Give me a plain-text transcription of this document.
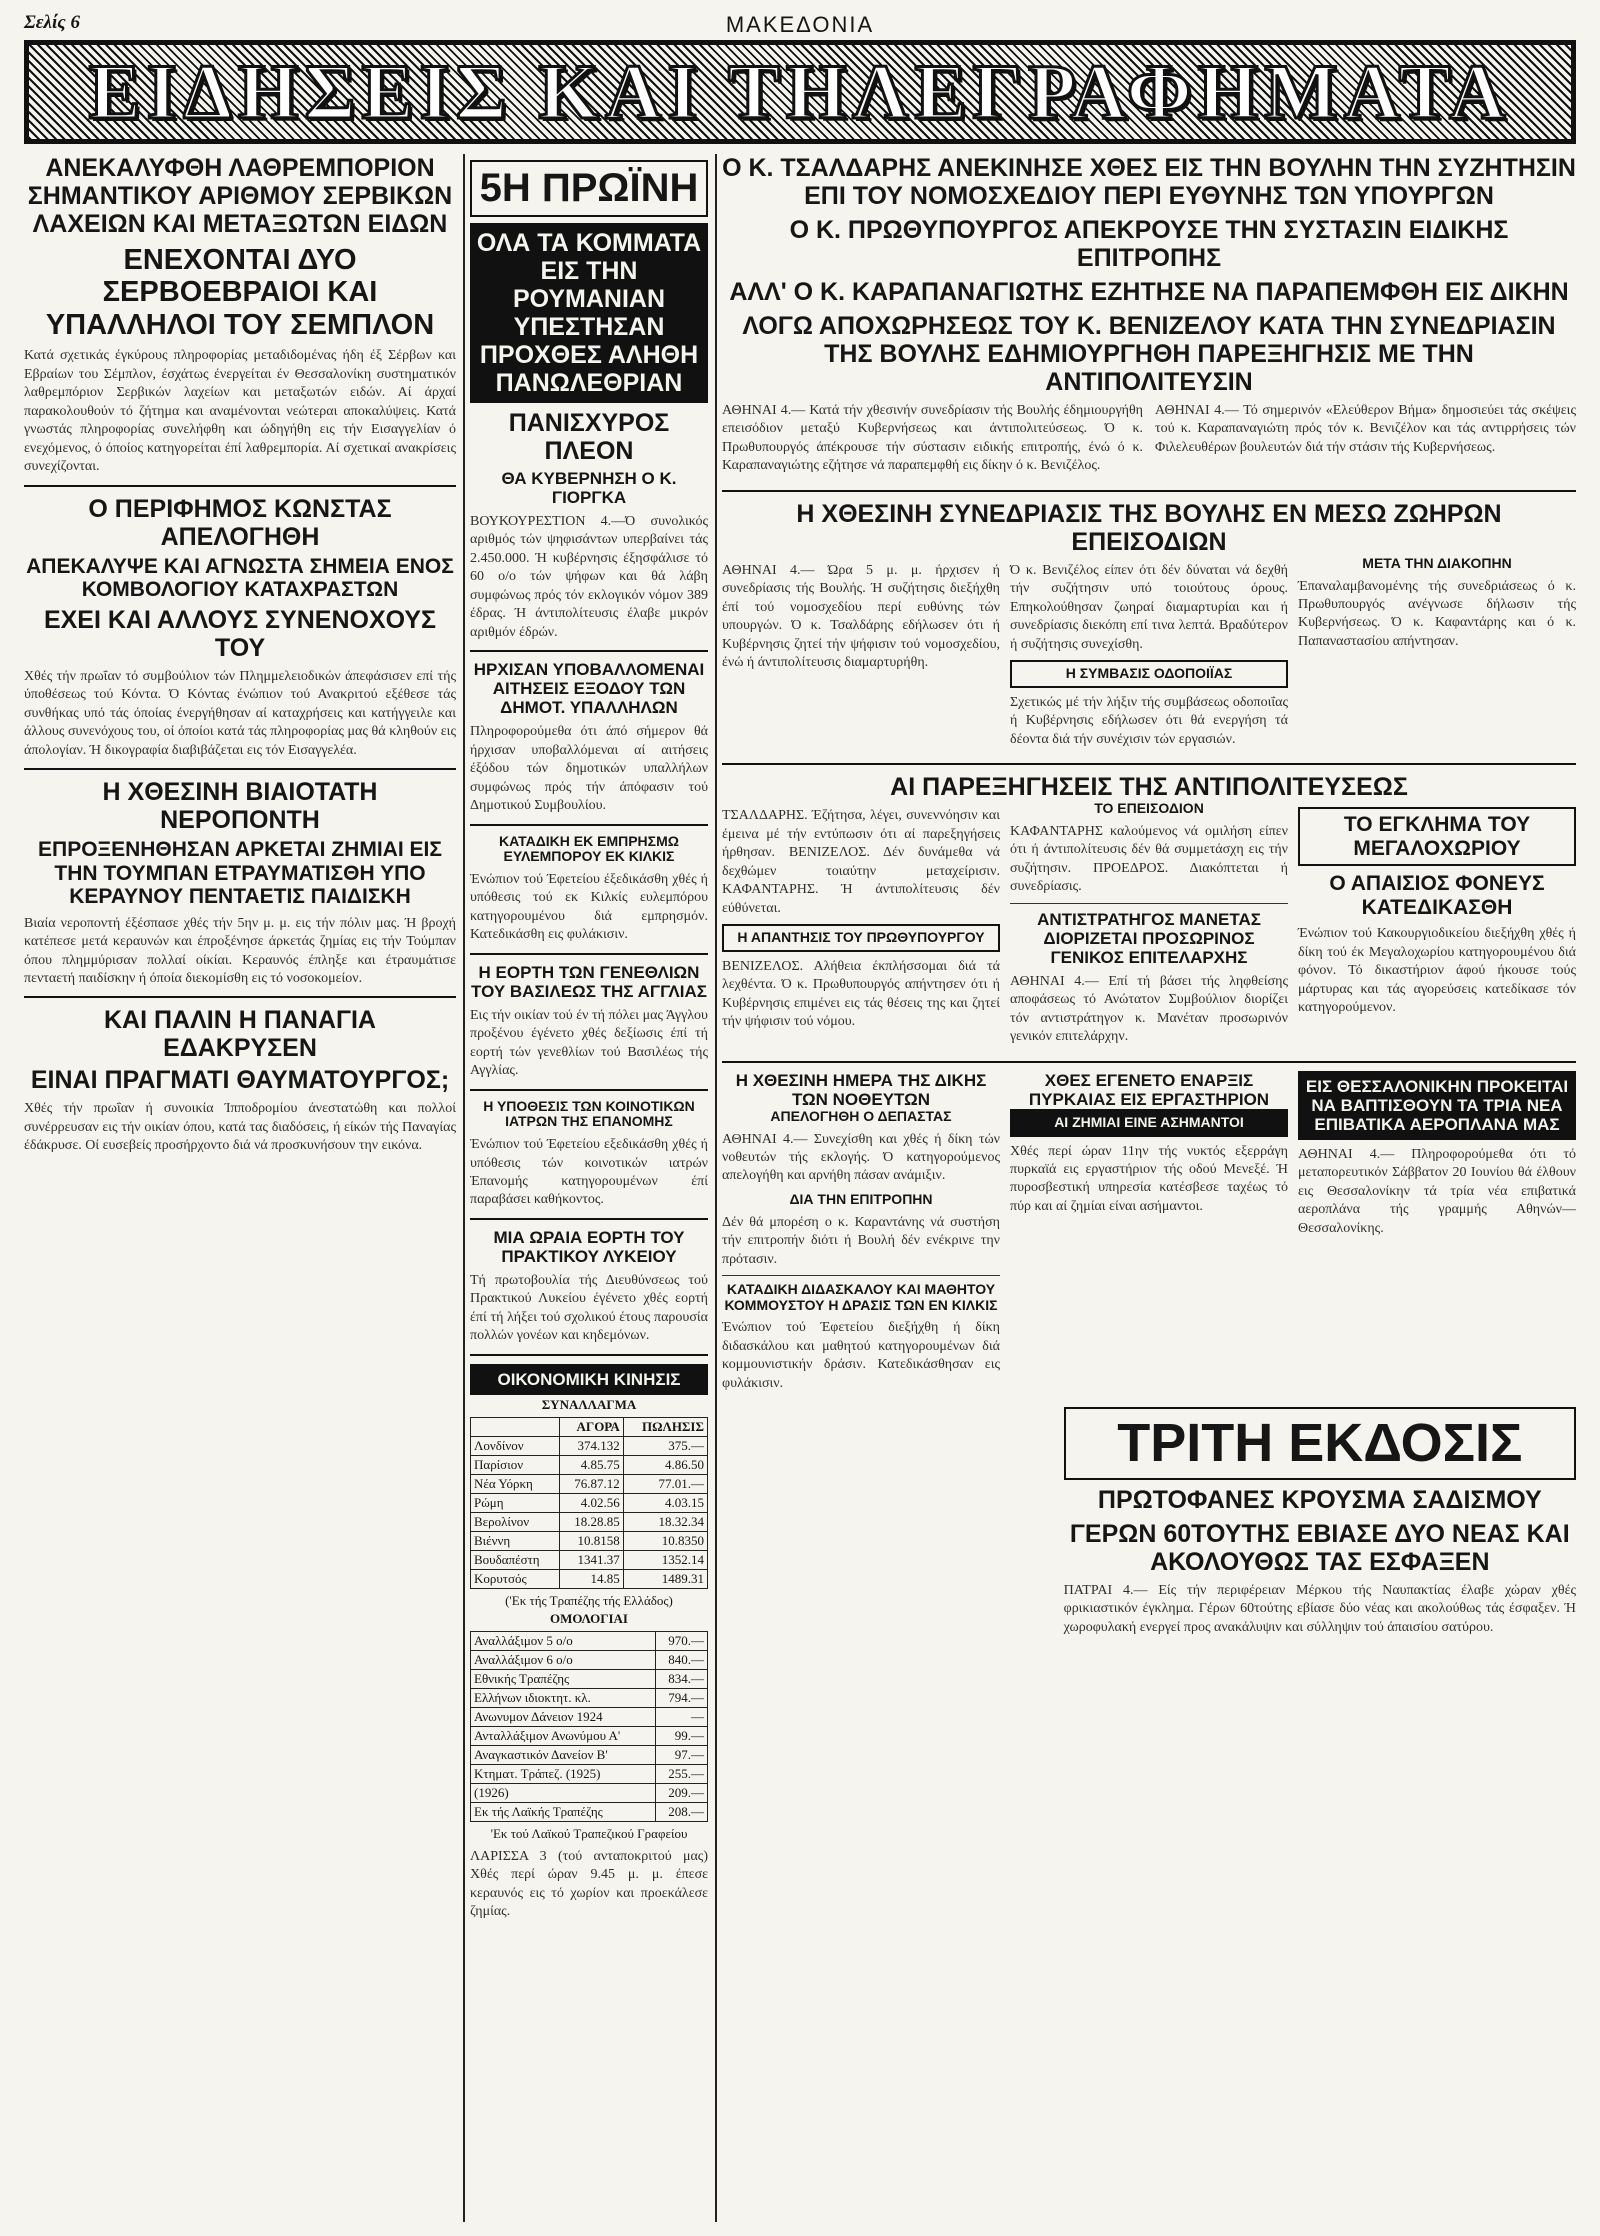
Σελίς 6	ΜΑΚΕΔΟΝΙΑ
ΕΙΔΗΣΕΙΣ ΚΑΙ ΤΗΛΕΓΡΑΦΗΜΑΤΑ
ΑΝΕΚΑΛΥΦΘΗ ΛΑΘΡΕΜΠΟΡΙΟΝ ΣΗΜΑΝΤΙΚΟΥ ΑΡΙΘΜΟΥ ΣΕΡΒΙΚΩΝ ΛΑΧΕΙΩΝ ΚΑΙ ΜΕΤΑΞΩΤΩΝ ΕΙΔΩΝ
ΕΝΕΧΟΝΤΑΙ ΔΥΟ ΣΕΡΒΟΕΒΡΑΙΟΙ ΚΑΙ ΥΠΑΛΛΗΛΟΙ ΤΟΥ ΣΕΜΠΛΟΝ
Κατά σχετικάς έγκύρους πληροφορίας μεταδιδομένας ήδη έξ Σέρβων και Εβραίων του Σέμπλον, έσχάτως ένεργείται έν Θεσσαλονίκη συστηματικόν λαθρεμπόριον Σερβικών λαχείων και μεταξωτών ειδών. Αί άρχαί παρακολουθούν τό ζήτημα και αναμένονται νεώτεραι αποκαλύψεις. Κατά γνωστάς πληροφορίας συνελήφθη και ώδηγήθη εις τήν Εισαγγελίαν ό ενεχόμενος, ό όποίος κατηγορείται έπί λαθρεμπορία. Αί σχετικαί ανακρίσεις συνεχίζονται.
Ο ΠΕΡΙΦΗΜΟΣ ΚΩΝΣΤΑΣ ΑΠΕΛΟΓΗΘΗ
ΑΠΕΚΑΛΥΨΕ ΚΑΙ ΑΓΝΩΣΤΑ ΣΗΜΕΙΑ ΕΝΟΣ ΚΟΜΒΟΛΟΓΙΟΥ ΚΑΤΑΧΡΑΣΤΩΝ
ΕΧΕΙ ΚΑΙ ΑΛΛΟΥΣ ΣΥΝΕΝΟΧΟΥΣ ΤΟΥ
Χθές τήν πρωΐαν τό συμβούλιον τών Πλημμελειοδικών άπεφάσισεν επί τής ύποθέσεως τού Κόντα. Ό Κόντας ένώπιον τού Ανακριτού εξέθεσε τάς συνθήκας υπό τάς όποίας ένεργήθησαν αί καταχρήσεις και κατήγγειλε και άλλους συνενόχους του, οί όποίοι κατά τάς πληροφορίας μας θά κληθούν εις άπολογίαν. Ή δικογραφία διαβιβάζεται εις τόν Εισαγγελέα.
Η ΧΘΕΣΙΝΗ ΒΙΑΙΟΤΑΤΗ ΝΕΡΟΠΟΝΤΗ
ΕΠΡΟΞΕΝΗΘΗΣΑΝ ΑΡΚΕΤΑΙ ΖΗΜΙΑΙ ΕΙΣ ΤΗΝ ΤΟΥΜΠΑΝ ΕΤΡΑΥΜΑΤΙΣΘΗ ΥΠΟ ΚΕΡΑΥΝΟΥ ΠΕΝΤΑΕΤΙΣ ΠΑΙΔΙΣΚΗ
Βιαία νεροποντή έξέσπασε χθές τήν 5ην μ. μ. εις τήν πόλιν μας. Ή βροχή κατέπεσε μετά κεραυνών και έπροξένησε άρκετάς ζημίας εις τήν Τούμπαν όπου πλημμύρισαν πολλαί οίκίαι. Κεραυνός έπληξε και έτραυμάτισε πενταετή παιδίσκην ή όποία διεκομίσθη εις τό νοσοκομείον.
ΚΑΙ ΠΑΛΙΝ Η ΠΑΝΑΓΙΑ ΕΔΑΚΡΥΣΕΝ
ΕΙΝΑΙ ΠΡΑΓΜΑΤΙ ΘΑΥΜΑΤΟΥΡΓΟΣ;
Χθές τήν πρωΐαν ή συνοικία Ίπποδρομίου άνεστατώθη και πολλοί συνέρρευσαν εις τήν οικίαν όπου, κατά τας διαδόσεις, ή είκών τής Παναγίας έδάκρυσε. Οί ευσεβείς προσήρχοντο διά νά προσκυνήσουν την εικόνα.
5Η ΠΡΩΪΝΗ
ΟΛΑ ΤΑ ΚΟΜΜΑΤΑ ΕΙΣ ΤΗΝ ΡΟΥΜΑΝΙΑΝ ΥΠΕΣΤΗΣΑΝ ΠΡΟΧΘΕΣ ΑΛΗΘΗ ΠΑΝΩΛΕΘΡΙΑΝ
ΠΑΝΙΣΧΥΡΟΣ ΠΛΕΟΝ
ΘΑ ΚΥΒΕΡΝΗΣΗ Ο Κ. ΓΙΟΡΓΚΑ
ΒΟΥΚΟΥΡΕΣΤΙΟΝ 4.—Ό συνολικός αριθμός τών ψηφισάντων υπερβαίνει τάς 2.450.000. Ή κυβέρνησις έξησφάλισε τό 60 ο/ο τών ψήφων και θά λάβη συμφώνως πρός τόν εκλογικόν νόμον 389 έδρας. Ή άντιπολίτευσις έλαβε μικρόν αριθμόν έδρών.
ΗΡΧΙΣΑΝ ΥΠΟΒΑΛΛΟΜΕΝΑΙ ΑΙΤΗΣΕΙΣ ΕΞΟΔΟΥ ΤΩΝ ΔΗΜΟΤ. ΥΠΑΛΛΗΛΩΝ
Πληροφορούμεθα ότι άπό σήμερον θά ήρχισαν υποβαλλόμεναι αί αιτήσεις έξόδου τών δημοτικών υπαλλήλων συμφώνως πρός τήν άπόφασιν τού Δημοτικού Συμβουλίου.
ΚΑΤΑΔΙΚΗ ΕΚ ΕΜΠΡΗΣΜΩ ΕΥΛΕΜΠΟΡΟΥ ΕΚ ΚΙΛΚΙΣ
Ένώπιον τού Έφετείου έξεδικάσθη χθές ή υπόθεσις τού εκ Κιλκίς ευλεμπόρου κατηγορουμένου διά εμπρησμόν. Κατεδικάσθη εις φυλάκισιν.
Η ΕΟΡΤΗ ΤΩΝ ΓΕΝΕΘΛΙΩΝ ΤΟΥ ΒΑΣΙΛΕΩΣ ΤΗΣ ΑΓΓΛΙΑΣ
Εις τήν οικίαν τού έν τή πόλει μας Άγγλου προξένου έγένετο χθές δεξίωσις έπί τή εορτή τών γενεθλίων τού Βασιλέως τής Αγγλίας.
Η ΥΠΟΘΕΣΙΣ ΤΩΝ ΚΟΙΝΟΤΙΚΩΝ ΙΑΤΡΩΝ ΤΗΣ ΕΠΑΝΟΜΗΣ
Ένώπιον τού Έφετείου εξεδικάσθη χθές ή υπόθεσις τών κοινοτικών ιατρών Έπανομής κατηγορουμένων έπί παραβάσει καθήκοντος.
ΜΙΑ ΩΡΑΙΑ ΕΟΡΤΗ ΤΟΥ ΠΡΑΚΤΙΚΟΥ ΛΥΚΕΙΟΥ
Τή πρωτοβουλία τής Διευθύνσεως τού Πρακτικού Λυκείου έγένετο χθές εορτή έπί τή λήξει τού σχολικού έτους παρουσία πολλών γονέων και κηδεμόνων.
ΟΙΚΟΝΟΜΙΚΗ ΚΙΝΗΣΙΣ
ΣΥΝΑΛΛΑΓΜΑ
	ΑΓΟΡΑ	ΠΩΛΗΣΙΣ
Λονδίνον	374.132	375.—
Παρίσιον	4.85.75	4.86.50
Νέα Υόρκη	76.87.12	77.01.—
Ρώμη	4.02.56	4.03.15
Βερολίνον	18.28.85	18.32.34
Βιέννη	10.8158	10.8350
Βουδαπέστη	1341.37	1352.14
Κορυτσός	14.85	1489.31
('Εκ τής Τραπέζης τής Ελλάδος)
ΟΜΟΛΟΓΙΑΙ
Αναλλάξιμον 5 ο/ο	970.—
Αναλλάξιμον 6 ο/ο	840.—
Εθνικής Τραπέζης	834.—
Ελλήνων ιδιοκτητ. κλ.	794.—
Ανωνυμον Δάνειον 1924	—
Ανταλλάξιμον Ανωνύμου Α'	99.—
Αναγκαστικόν Δανείον Β'	97.—
Κτηματ. Τράπεζ. (1925)	255.—
(1926)	209.—
Εκ τής Λαϊκής Τραπέζης	208.—
'Εκ τού Λαϊκού Τραπεζικού Γραφείου
ΛΑΡΙΣΣΑ 3 (τού ανταποκριτού μας) Χθές περί ώραν 9.45 μ. μ. έπεσε κεραυνός εις τό χωρίον και προεκάλεσε ζημίας.
Ο Κ. ΤΣΑΛΔΑΡΗΣ ΑΝΕΚΙΝΗΣΕ ΧΘΕΣ ΕΙΣ ΤΗΝ ΒΟΥΛΗΝ ΤΗΝ ΣΥΖΗΤΗΣΙΝ ΕΠΙ ΤΟΥ ΝΟΜΟΣΧΕΔΙΟΥ ΠΕΡΙ ΕΥΘΥΝΗΣ ΤΩΝ ΥΠΟΥΡΓΩΝ
Ο Κ. ΠΡΩΘΥΠΟΥΡΓΟΣ ΑΠΕΚΡΟΥΣΕ ΤΗΝ ΣΥΣΤΑΣΙΝ ΕΙΔΙΚΗΣ ΕΠΙΤΡΟΠΗΣ
ΑΛΛ' Ο Κ. ΚΑΡΑΠΑΝΑΓΙΩΤΗΣ ΕΖΗΤΗΣΕ ΝΑ ΠΑΡΑΠΕΜΦΘΗ ΕΙΣ ΔΙΚΗΝ
ΛΟΓΩ ΑΠΟΧΩΡΗΣΕΩΣ ΤΟΥ Κ. ΒΕΝΙΖΕΛΟΥ ΚΑΤΑ ΤΗΝ ΣΥΝΕΔΡΙΑΣΙΝ ΤΗΣ ΒΟΥΛΗΣ ΕΔΗΜΙΟΥΡΓΗΘΗ ΠΑΡΕΞΗΓΗΣΙΣ ΜΕ ΤΗΝ ΑΝΤΙΠΟΛΙΤΕΥΣΙΝ
ΑΘΗΝΑΙ 4.— Κατά τήν χθεσινήν συνεδρίασιν τής Βουλής έδημιουργήθη επεισόδιον μεταξύ Κυβερνήσεως και άντιπολιτεύσεως. Ό κ. Πρωθυπουργός άπέκρουσε τήν σύστασιν ειδικής επιτροπής, ένώ ό κ. Καραπαναγιώτης εζήτησε νά παραπεμφθή εις δίκην ό κ. Βενιζέλος.
ΑΘΗΝΑΙ 4.— Τό σημερινόν «Ελεύθερον Βήμα» δημοσιεύει τάς σκέψεις τού κ. Καραπαναγιώτη πρός τόν κ. Βενιζέλον και τάς αντιρρήσεις τών Φιλελευθέρων βουλευτών διά τήν στάσιν τής Κυβερνήσεως.
Η ΧΘΕΣΙΝΗ ΣΥΝΕΔΡΙΑΣΙΣ ΤΗΣ ΒΟΥΛΗΣ ΕΝ ΜΕΣΩ ΖΩΗΡΩΝ ΕΠΕΙΣΟΔΙΩΝ
ΑΘΗΝΑΙ 4.— Ώρα 5 μ. μ. ήρχισεν ή συνεδρίασις τής Βουλής. Ή συζήτησις διεξήχθη έπί τού νομοσχεδίου περί ευθύνης τών υπουργών. Ό κ. Τσαλδάρης εδήλωσεν ότι ή Κυβέρνησις ζητεί τήν ψήφισιν τού νομοσχεδίου, ένώ ή άντιπολίτευσις διαμαρτυρήθη.
Ό κ. Βενιζέλος είπεν ότι δέν δύναται νά δεχθή τήν συζήτησιν υπό τοιούτους όρους. Επηκολούθησαν ζωηραί διαμαρτυρίαι και ή συνεδρίασις διεκόπη επί τινα λεπτά. Βραδύτερον ή συζήτησις συνεχίσθη.
Η ΣΥΜΒΑΣΙΣ ΟΔΟΠΟΙΪΑΣ
Σχετικώς μέ τήν λήξιν τής συμβάσεως οδοποιΐας ή Κυβέρνησις εδήλωσεν ότι θά ενεργήση τά δέοντα διά τήν συνέχισιν τών εργασιών.
ΜΕΤΑ ΤΗΝ ΔΙΑΚΟΠΗΝ
Έπαναλαμβανομένης τής συνεδριάσεως ό κ. Πρωθυπουργός ανέγνωσε δήλωσιν τής Κυβερνήσεως. Ό κ. Καφαντάρης και ό κ. Παπαναστασίου απήντησαν.
ΑΙ ΠΑΡΕΞΗΓΗΣΕΙΣ ΤΗΣ ΑΝΤΙΠΟΛΙΤΕΥΣΕΩΣ
ΤΣΑΛΔΑΡΗΣ. Έζήτησα, λέγει, συνεννόησιν και έμεινα μέ τήν εντύπωσιν ότι αί παρεξηγήσεις ήρθησαν. ΒΕΝΙΖΕΛΟΣ. Δέν δυνάμεθα νά δεχθώμεν τοιαύτην μεταχείρισιν. ΚΑΦΑΝΤΑΡΗΣ. Ή άντιπολίτευσις δέν εύθύνεται.
Η ΑΠΑΝΤΗΣΙΣ ΤΟΥ ΠΡΩΘΥΠΟΥΡΓΟΥ
ΒΕΝΙΖΕΛΟΣ. Αλήθεια έκπλήσσομαι διά τά λεχθέντα. Ό κ. Πρωθυπουργός απήντησεν ότι ή Κυβέρνησις επιμένει εις τάς θέσεις της και ζητεί τήν ψήφισιν τού νόμου.
ΤΟ ΕΠΕΙΣΟΔΙΟΝ
ΚΑΦΑΝΤΑΡΗΣ καλούμενος νά ομιλήση είπεν ότι ή άντιπολίτευσις δέν θά συμμετάσχη εις τήν συζήτησιν. ΠΡΟΕΔΡΟΣ. Διακόπτεται ή συνεδρίασις.
ΑΝΤΙΣΤΡΑΤΗΓΟΣ ΜΑΝΕΤΑΣ ΔΙΟΡΙΖΕΤΑΙ ΠΡΟΣΩΡΙΝΟΣ ΓΕΝΙΚΟΣ ΕΠΙΤΕΛΑΡΧΗΣ
ΑΘΗΝΑΙ 4.— Επί τή βάσει τής ληφθείσης αποφάσεως τό Ανώτατον Συμβούλιον διορίζει τόν αντιστράτηγον κ. Μανέταν προσωρινόν γενικόν επιτελάρχην.
ΤΟ ΕΓΚΛΗΜΑ ΤΟΥ ΜΕΓΑΛΟΧΩΡΙΟΥ
Ο ΑΠΑΙΣΙΟΣ ΦΟΝΕΥΣ ΚΑΤΕΔΙΚΑΣΘΗ
Ένώπιον τού Κακουργιοδικείου διεξήχθη χθές ή δίκη τού έκ Μεγαλοχωρίου κατηγορουμένου διά φόνον. Τό δικαστήριον άφού ήκουσε τούς μάρτυρας και τάς αγορεύσεις κατεδίκασε τόν κατηγορούμενον.
Η ΧΘΕΣΙΝΗ ΗΜΕΡΑ ΤΗΣ ΔΙΚΗΣ ΤΩΝ ΝΟΘΕΥΤΩΝ
ΑΠΕΛΟΓΗΘΗ Ο ΔΕΠΑΣΤΑΣ
ΑΘΗΝΑΙ 4.— Συνεχίσθη και χθές ή δίκη τών νοθευτών τής εκλογής. Ό κατηγορούμενος απελογήθη και αρνήθη πάσαν ανάμιξιν.
ΔΙΑ ΤΗΝ ΕΠΙΤΡΟΠΗΝ
Δέν θά μπορέση ο κ. Καραντάνης νά συστήση τήν επιτροπήν διότι ή Βουλή δέν ενέκρινε την πρότασιν.
ΚΑΤΑΔΙΚΗ ΔΙΔΑΣΚΑΛΟΥ ΚΑΙ ΜΑΘΗΤΟΥ ΚΟΜΜΟΥΣΤΟΥ Η ΔΡΑΣΙΣ ΤΩΝ ΕΝ ΚΙΛΚΙΣ
Ένώπιον τού Έφετείου διεξήχθη ή δίκη διδασκάλου και μαθητού κατηγορουμένων διά κομμουνιστικήν δράσιν. Κατεδικάσθησαν εις φυλάκισιν.
ΧΘΕΣ ΕΓΕΝΕΤΟ ΕΝΑΡΞΙΣ ΠΥΡΚΑΙΑΣ ΕΙΣ ΕΡΓΑΣΤΗΡΙΟΝ
ΑΙ ΖΗΜΙΑΙ ΕΙΝΕ ΑΣΗΜΑΝΤΟΙ
Χθές περί ώραν 11ην τής νυκτός εξερράγη πυρκαϊά εις εργαστήριον τής οδού Μενεξέ. Ή πυροσβεστική υπηρεσία κατέσβεσε ταχέως τό πύρ και αί ζημίαι είναι ασήμαντοι.
ΕΙΣ ΘΕΣΣΑΛΟΝΙΚΗΝ ΠΡΟΚΕΙΤΑΙ ΝΑ ΒΑΠΤΙΣΘΟΥΝ ΤΑ ΤΡΙΑ ΝΕΑ ΕΠΙΒΑΤΙΚΑ ΑΕΡΟΠΛΑΝΑ ΜΑΣ
ΑΘΗΝΑΙ 4.— Πληροφορούμεθα ότι τό μεταπορευτικόν Σάββατον 20 Ιουνίου θά έλθουν εις Θεσσαλονίκην τά τρία νέα επιβατικά αεροπλάνα τής γραμμής Αθηνών—Θεσσαλονίκης.
ΤΡΙΤΗ ΕΚΔΟΣΙΣ
ΠΡΩΤΟΦΑΝΕΣ ΚΡΟΥΣΜΑ ΣΑΔΙΣΜΟΥ
ΓΕΡΩΝ 60ΤΟΥΤΗΣ ΕΒΙΑΣΕ ΔΥΟ ΝΕΑΣ ΚΑΙ ΑΚΟΛΟΥΘΩΣ ΤΑΣ ΕΣΦΑΞΕΝ
ΠΑΤΡΑΙ 4.— Είς τήν περιφέρειαν Μέρκου τής Ναυπακτίας έλαβε χώραν χθές φρικιαστικόν έγκλημα. Γέρων 60τούτης εβίασε δύο νέας και ακολούθως τάς έσφαξεν. Ή χωροφυλακή ενεργεί προς ανακάλυψιν και σύλληψιν τού άπαισίου σατύρου.
